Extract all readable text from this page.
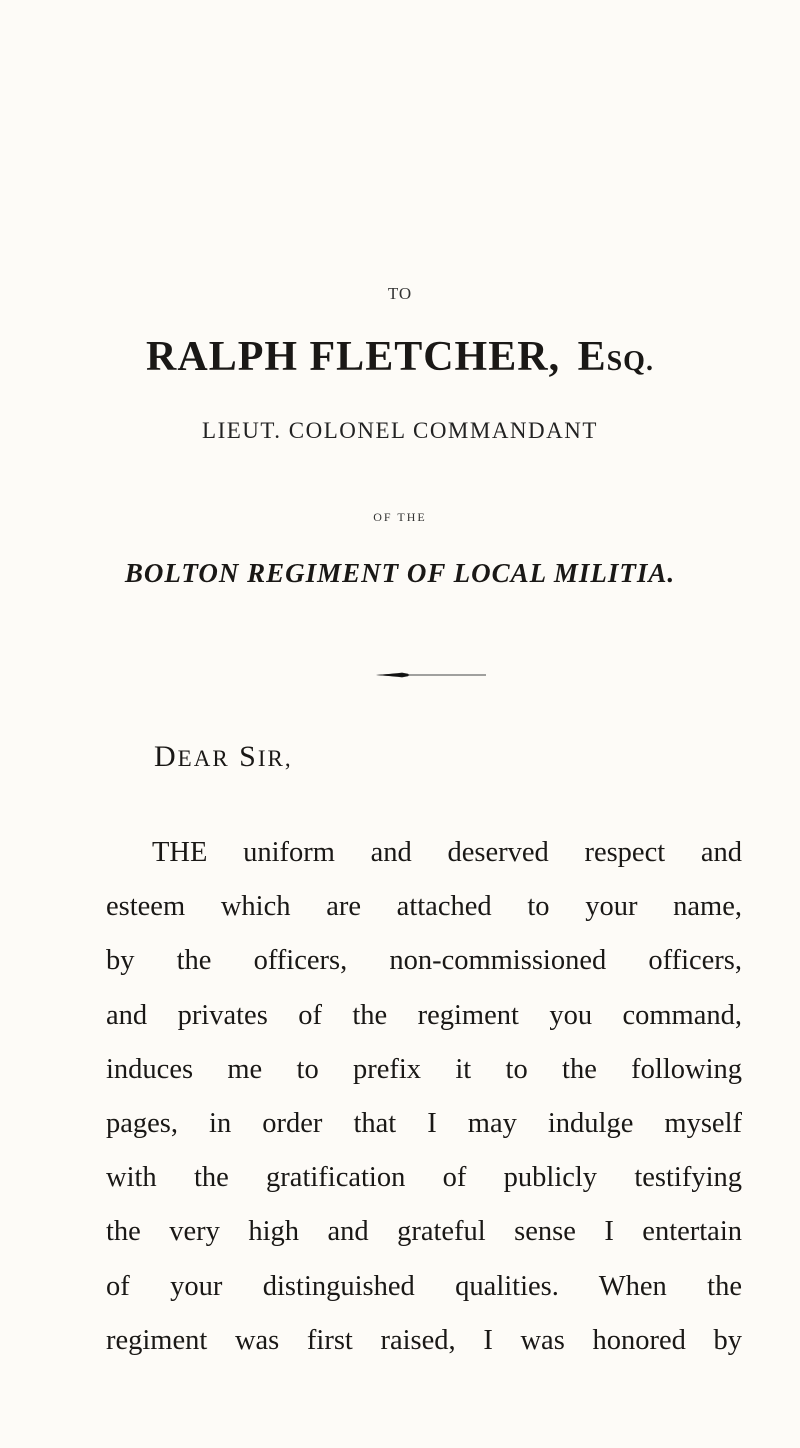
TO
RALPH FLETCHER, ESQ.
LIEUT. COLONEL COMMANDANT
OF THE
BOLTON REGIMENT OF LOCAL MILITIA.
DEAR SIR,
THE uniform and deserved respect and
esteem which are attached to your name,
by the officers, non-commissioned officers,
and privates of the regiment you command,
induces me to prefix it to the following
pages, in order that I may indulge myself
with the gratification of publicly testifying
the very high and grateful sense I entertain
of your distinguished qualities. When the
regiment was first raised, I was honored by
